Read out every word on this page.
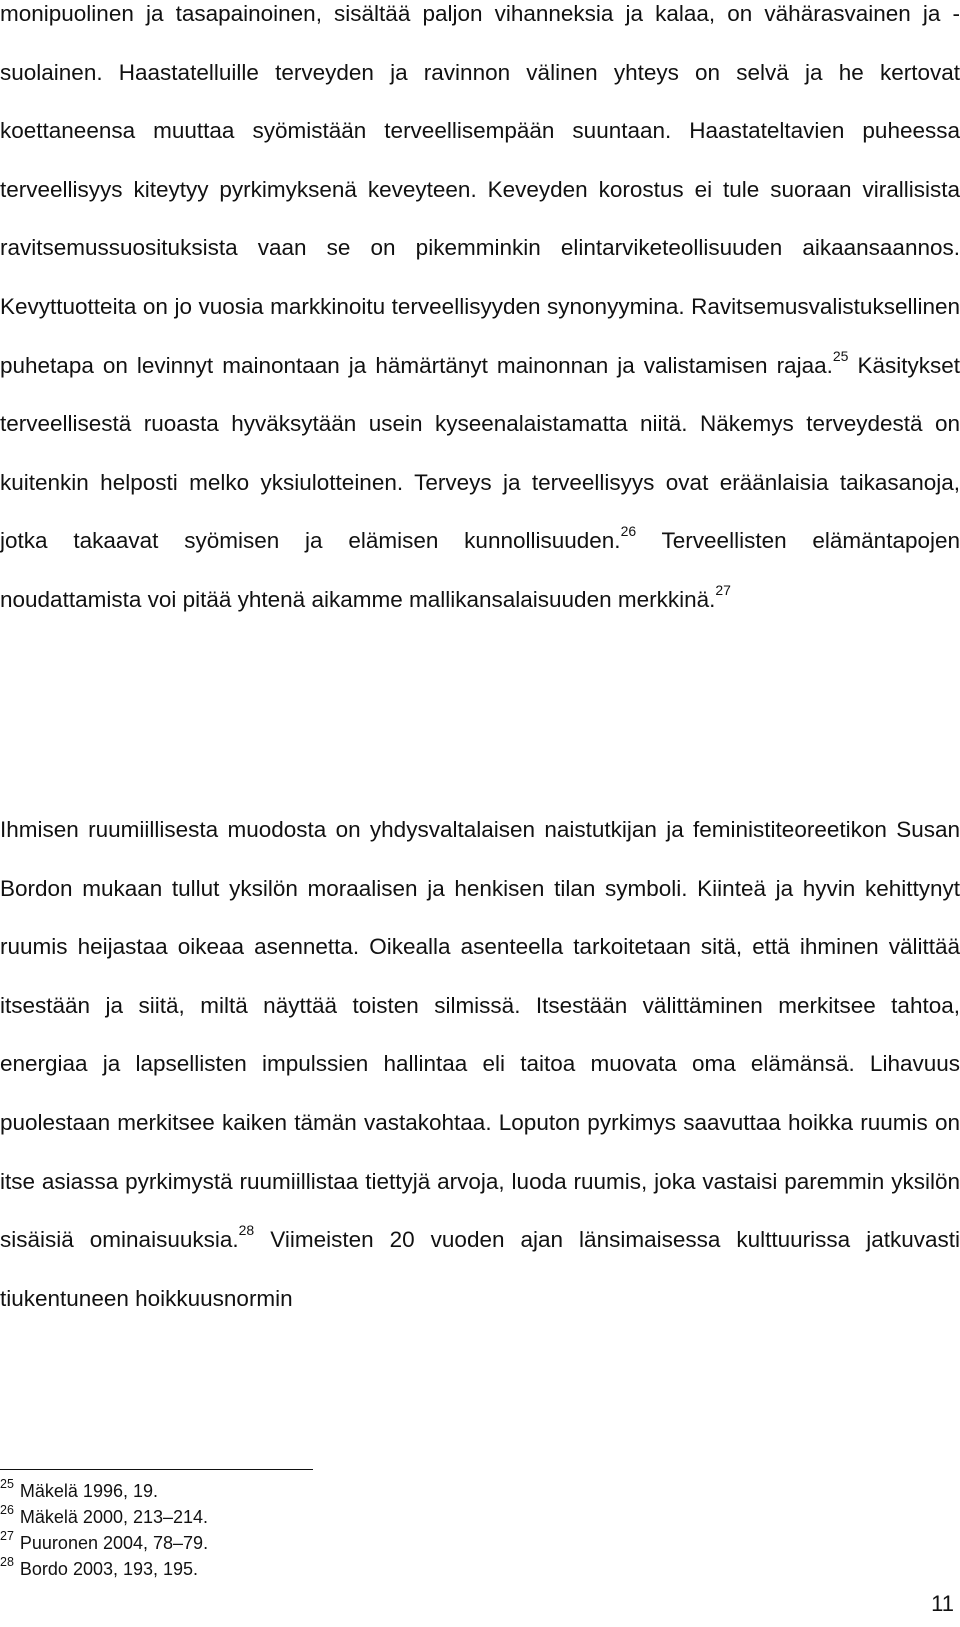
monipuolinen ja tasapainoinen, sisältää paljon vihanneksia ja kalaa, on vähärasvainen ja -suolainen. Haastatelluille terveyden ja ravinnon välinen yhteys on selvä ja he kertovat koettaneensa muuttaa syömistään terveellisempään suuntaan. Haastateltavien puheessa terveellisyys kiteytyy pyrkimyksenä keveyteen. Keveyden korostus ei tule suoraan virallisista ravitsemussuosituksista vaan se on pikemminkin elintarviketeollisuuden aikaansaannos. Kevyttuotteita on jo vuosia markkinoitu terveellisyyden synonyymina. Ravitsemusvalistuksellinen puhetapa on levinnyt mainontaan ja hämärtänyt mainonnan ja valistamisen rajaa.$^{25}$ Käsitykset terveellisestä ruoasta hyväksytään usein kyseenalaistamatta niitä. Näkemys terveydestä on kuitenkin helposti melko yksiulotteinen. Terveys ja terveellisyys ovat eräänlaisia taikasanoja, jotka takaavat syömisen ja elämisen kunnollisuuden.$^{26}$ Terveellisten elämäntapojen noudattamista voi pitää yhtenä aikamme mallikansalaisuuden merkkinä.$^{27}$

Ihmisen ruumiillisesta muodosta on yhdysvaltalaisen naistutkijan ja feministiteoreetikon Susan Bordon mukaan tullut yksilön moraalisen ja henkisen tilan symboli. Kiinteä ja hyvin kehittynyt ruumis heijastaa oikeaa asennetta. Oikealla asenteella tarkoitetaan sitä, että ihminen välittää itsestään ja siitä, miltä näyttää toisten silmissä. Itsestään välittäminen merkitsee tahtoa, energiaa ja lapsellisten impulssien hallintaa eli taitoa muovata oma elämänsä. Lihavuus puolestaan merkitsee kaiken tämän vastakohtaa. Loputon pyrkimys saavuttaa hoikka ruumis on itse asiassa pyrkimystä ruumiillistaa tiettyjä arvoja, luoda ruumis, joka vastaisi paremmin yksilön sisäisiä ominaisuuksia.$^{28}$ Viimeisten 20 vuoden ajan länsimaisessa kulttuurissa jatkuvasti tiukentuneen hoikkuusnormin

$^{25}$ Mäkelä 1996, 19.
$^{26}$ Mäkelä 2000, 213–214.
$^{27}$ Puuronen 2004, 78–79.
$^{28}$ Bordo 2003, 193, 195.
11
